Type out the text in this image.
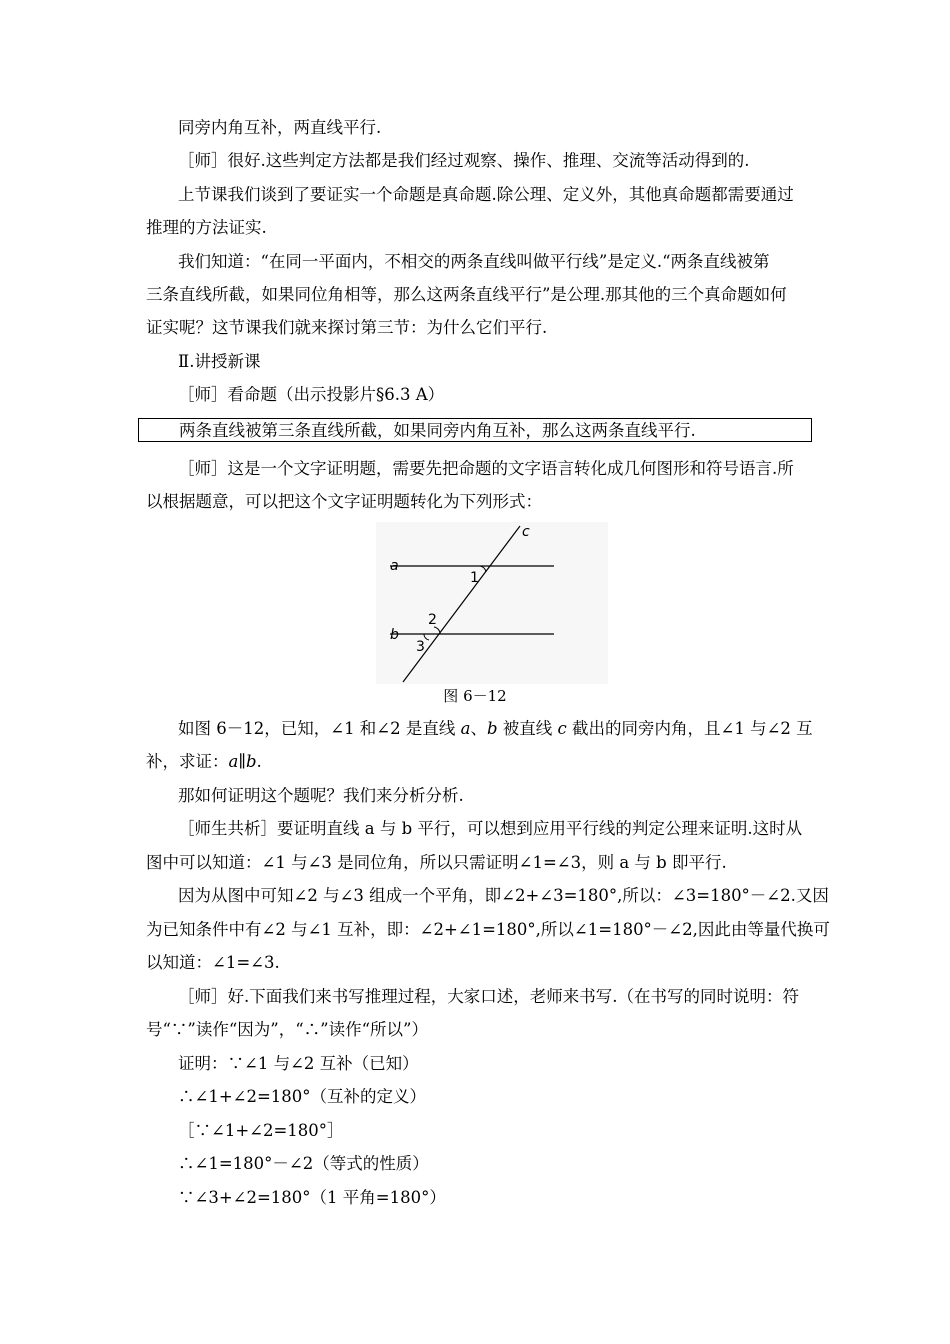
同旁内角互补，两直线平行.
［师］很好.这些判定方法都是我们经过观察、操作、推理、交流等活动得到的.
上节课我们谈到了要证实一个命题是真命题.除公理、定义外，其他真命题都需要通过
推理的方法证实.
我们知道：“在同一平面内，不相交的两条直线叫做平行线”是定义.“两条直线被第
三条直线所截，如果同位角相等，那么这两条直线平行”是公理.那其他的三个真命题如何
证实呢？这节课我们就来探讨第三节：为什么它们平行.
Ⅱ.讲授新课
［师］看命题（出示投影片§6.3 A）
两条直线被第三条直线所截，如果同旁内角互补，那么这两条直线平行.
［师］这是一个文字证明题，需要先把命题的文字语言转化成几何图形和符号语言.所
以根据题意，可以把这个文字证明题转化为下列形式：
a
b
c
1
2
3
图 6－12
如图 6－12，已知，∠1 和∠2 是直线 a、b 被直线 c 截出的同旁内角，且∠1 与∠2 互
补，求证：a∥b.
那如何证明这个题呢？我们来分析分析.
［师生共析］要证明直线 a 与 b 平行，可以想到应用平行线的判定公理来证明.这时从
图中可以知道：∠1 与∠3 是同位角，所以只需证明∠1=∠3，则 a 与 b 即平行.
因为从图中可知∠2 与∠3 组成一个平角，即∠2+∠3=180°,所以：∠3=180°－∠2.又因
为已知条件中有∠2 与∠1 互补，即：∠2+∠1=180°,所以∠1=180°－∠2,因此由等量代换可
以知道：∠1=∠3.
［师］好.下面我们来书写推理过程，大家口述，老师来书写.（在书写的同时说明：符
号“∵”读作“因为”，“∴”读作“所以”）
证明：∵∠1 与∠2 互补（已知）
∴∠1+∠2=180°（互补的定义）
［∵∠1+∠2=180°］
∴∠1=180°－∠2（等式的性质）
∵∠3+∠2=180°（1 平角=180°）
